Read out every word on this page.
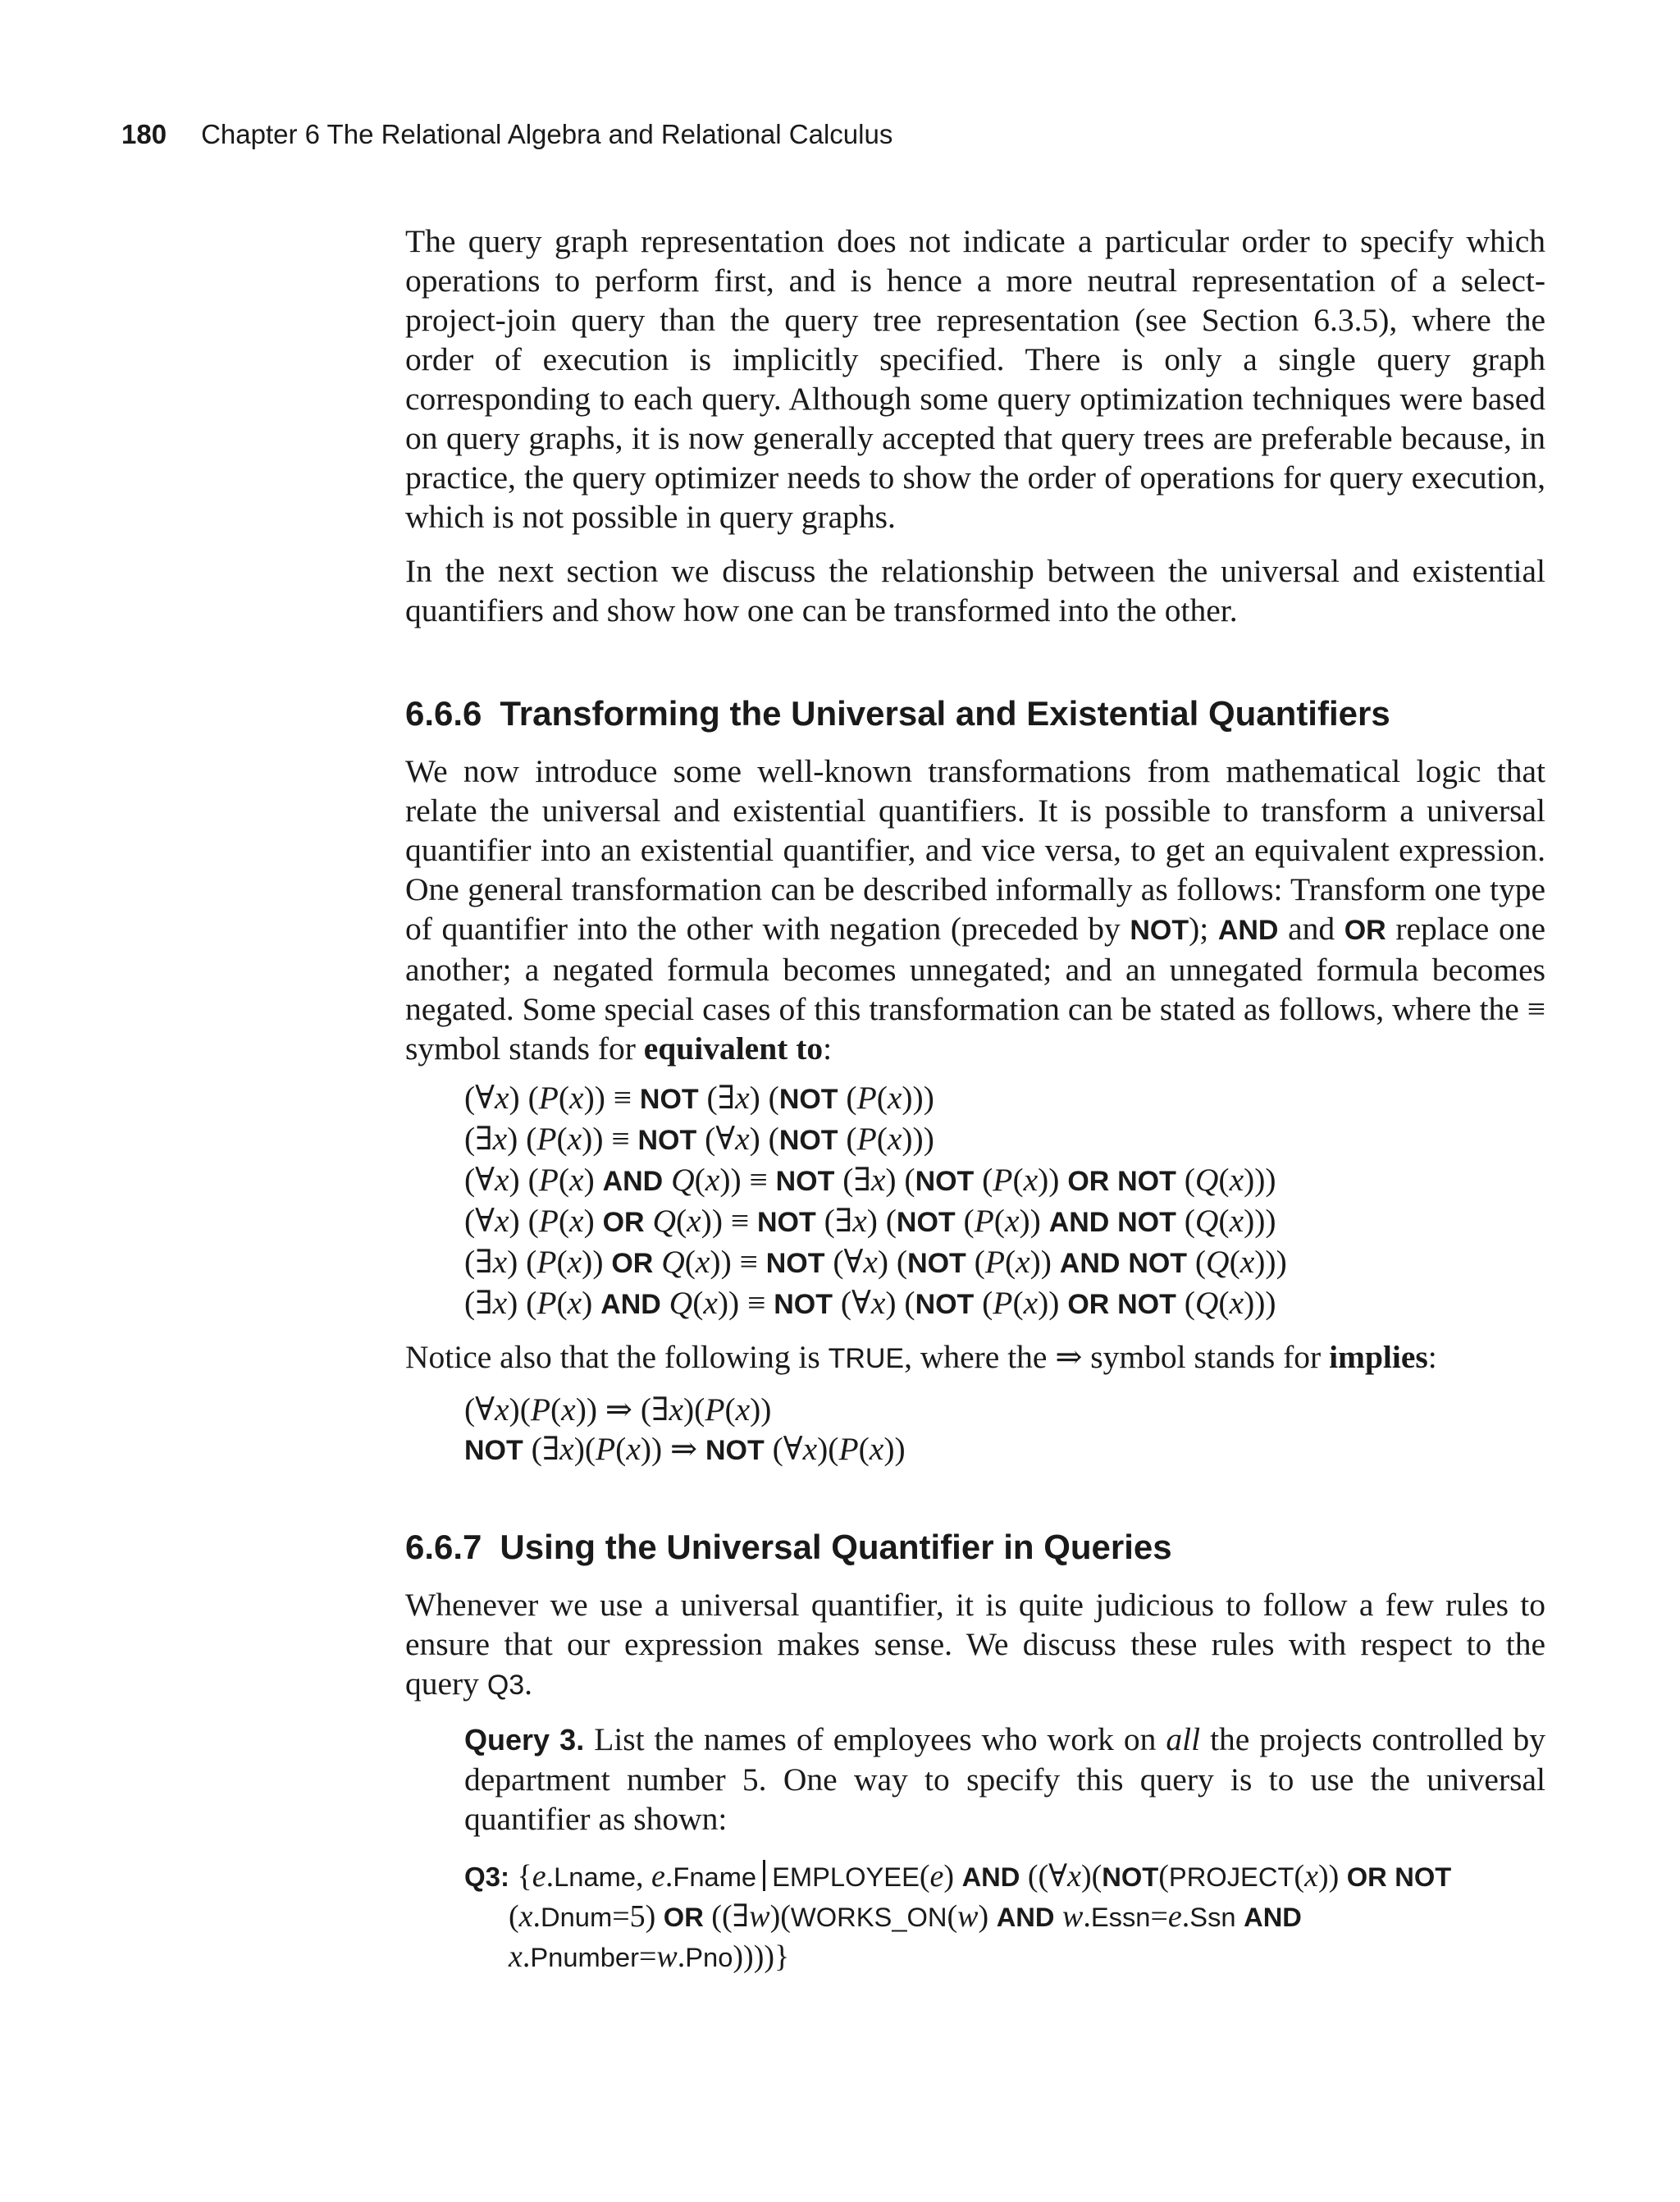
180 Chapter 6 The Relational Algebra and Relational Calculus

The query graph representation does not indicate a particular order to specify which operations to perform first, and is hence a more neutral representation of a select-project-join query than the query tree representation (see Section 6.3.5), where the order of execution is implicitly specified. There is only a single query graph corresponding to each query. Although some query optimization techniques were based on query graphs, it is now generally accepted that query trees are preferable because, in practice, the query optimizer needs to show the order of operations for query execution, which is not possible in query graphs.

In the next section we discuss the relationship between the universal and existential quantifiers and show how one can be transformed into the other.

6.6.6 Transforming the Universal and Existential Quantifiers

We now introduce some well-known transformations from mathematical logic that relate the universal and existential quantifiers. It is possible to transform a universal quantifier into an existential quantifier, and vice versa, to get an equivalent expression. One general transformation can be described informally as follows: Transform one type of quantifier into the other with negation (preceded by NOT); AND and OR replace one another; a negated formula becomes unnegated; and an unnegated formula becomes negated. Some special cases of this transformation can be stated as follows, where the ≡ symbol stands for equivalent to:

(∀x) (P(x)) ≡ NOT (∃x) (NOT (P(x)))
(∃x) (P(x)) ≡ NOT (∀x) (NOT (P(x)))
(∀x) (P(x) AND Q(x)) ≡ NOT (∃x) (NOT (P(x)) OR NOT (Q(x)))
(∀x) (P(x) OR Q(x)) ≡ NOT (∃x) (NOT (P(x)) AND NOT (Q(x)))
(∃x) (P(x)) OR Q(x)) ≡ NOT (∀x) (NOT (P(x)) AND NOT (Q(x)))
(∃x) (P(x) AND Q(x)) ≡ NOT (∀x) (NOT (P(x)) OR NOT (Q(x)))

Notice also that the following is TRUE, where the ⇒ symbol stands for implies:

(∀x)(P(x)) ⇒ (∃x)(P(x))
NOT (∃x)(P(x)) ⇒ NOT (∀x)(P(x))
6.6.7 Using the Universal Quantifier in Queries

Whenever we use a universal quantifier, it is quite judicious to follow a few rules to ensure that our expression makes sense. We discuss these rules with respect to the query Q3.

Query 3. List the names of employees who work on all the projects controlled by department number 5. One way to specify this query is to use the universal quantifier as shown:

Q3: {e.Lname, e.Fname EMPLOYEE(e) AND ((∀x)(NOT(PROJECT(x)) OR NOT (x.Dnum=5) OR ((∃w)(WORKS_ON(w) AND w.Essn=e.Ssn AND x.Pnumber=w.Pno))))}
